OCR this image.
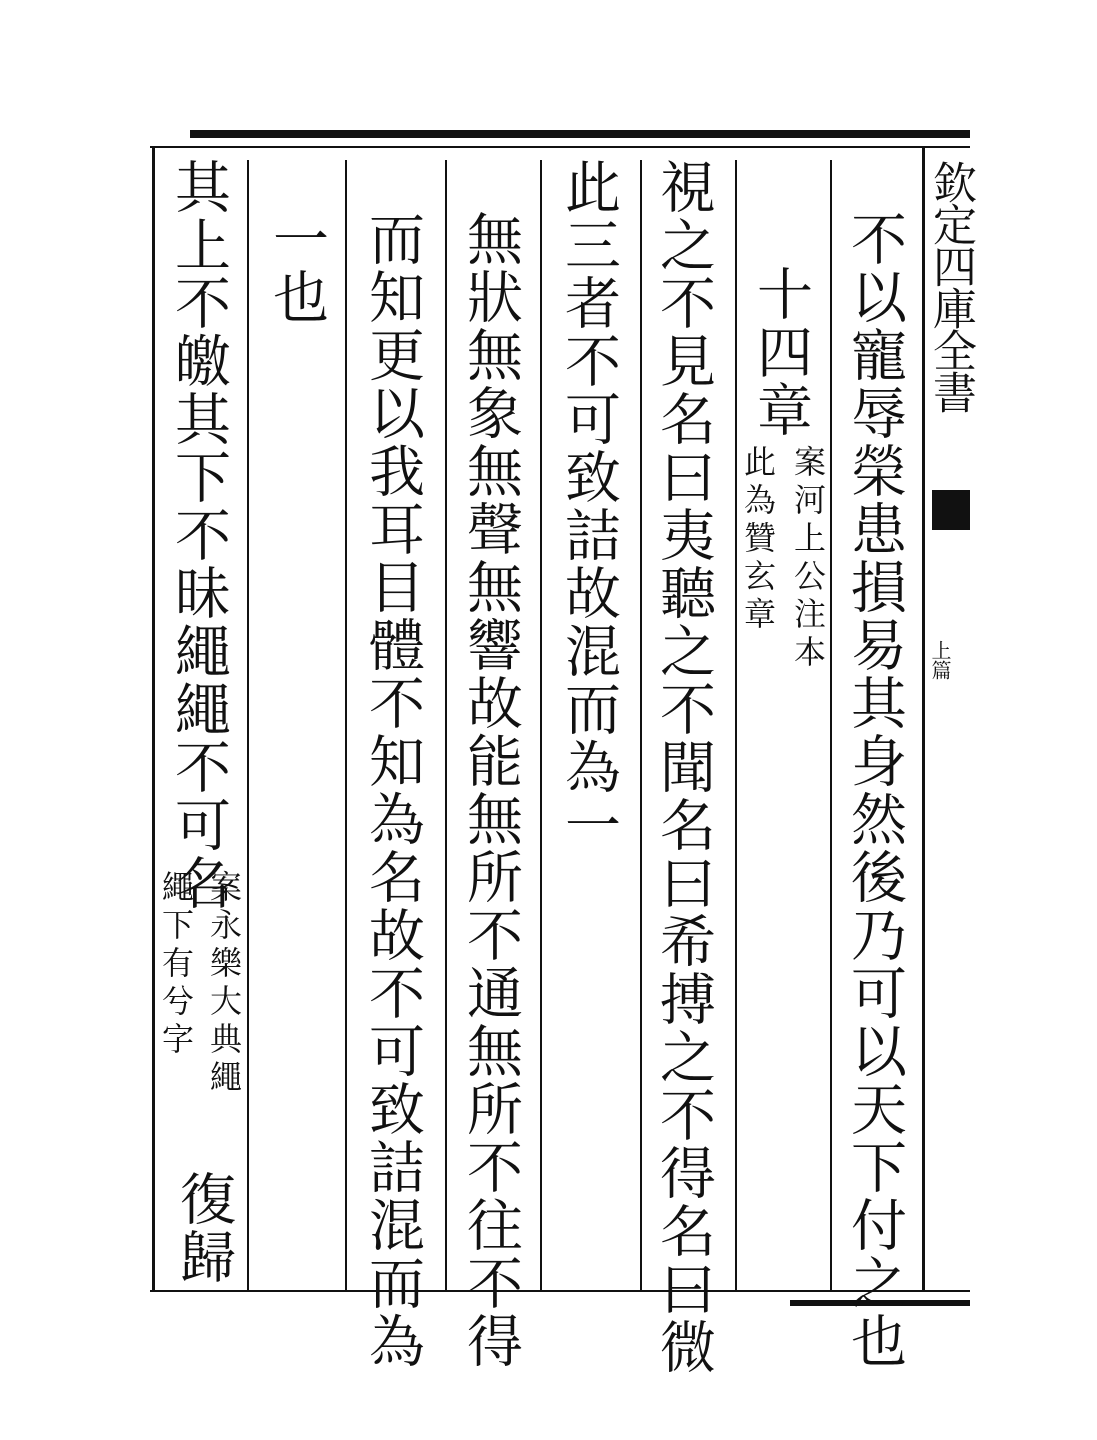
欽定四庫全書
上篇
不以寵辱榮患損易其身然後乃可以天下付之也
十四章
案河上公注本
此為贊玄章
視之不見名曰夷聽之不聞名曰希搏之不得名曰微
此三者不可致詰故混而為一
無狀無象無聲無響故能無所不通無所不往不得
而知更以我耳目體不知為名故不可致詰混而為
一也
其上不皦其下不昧繩繩不可名
案永樂大典繩
繩下有兮字
復歸
